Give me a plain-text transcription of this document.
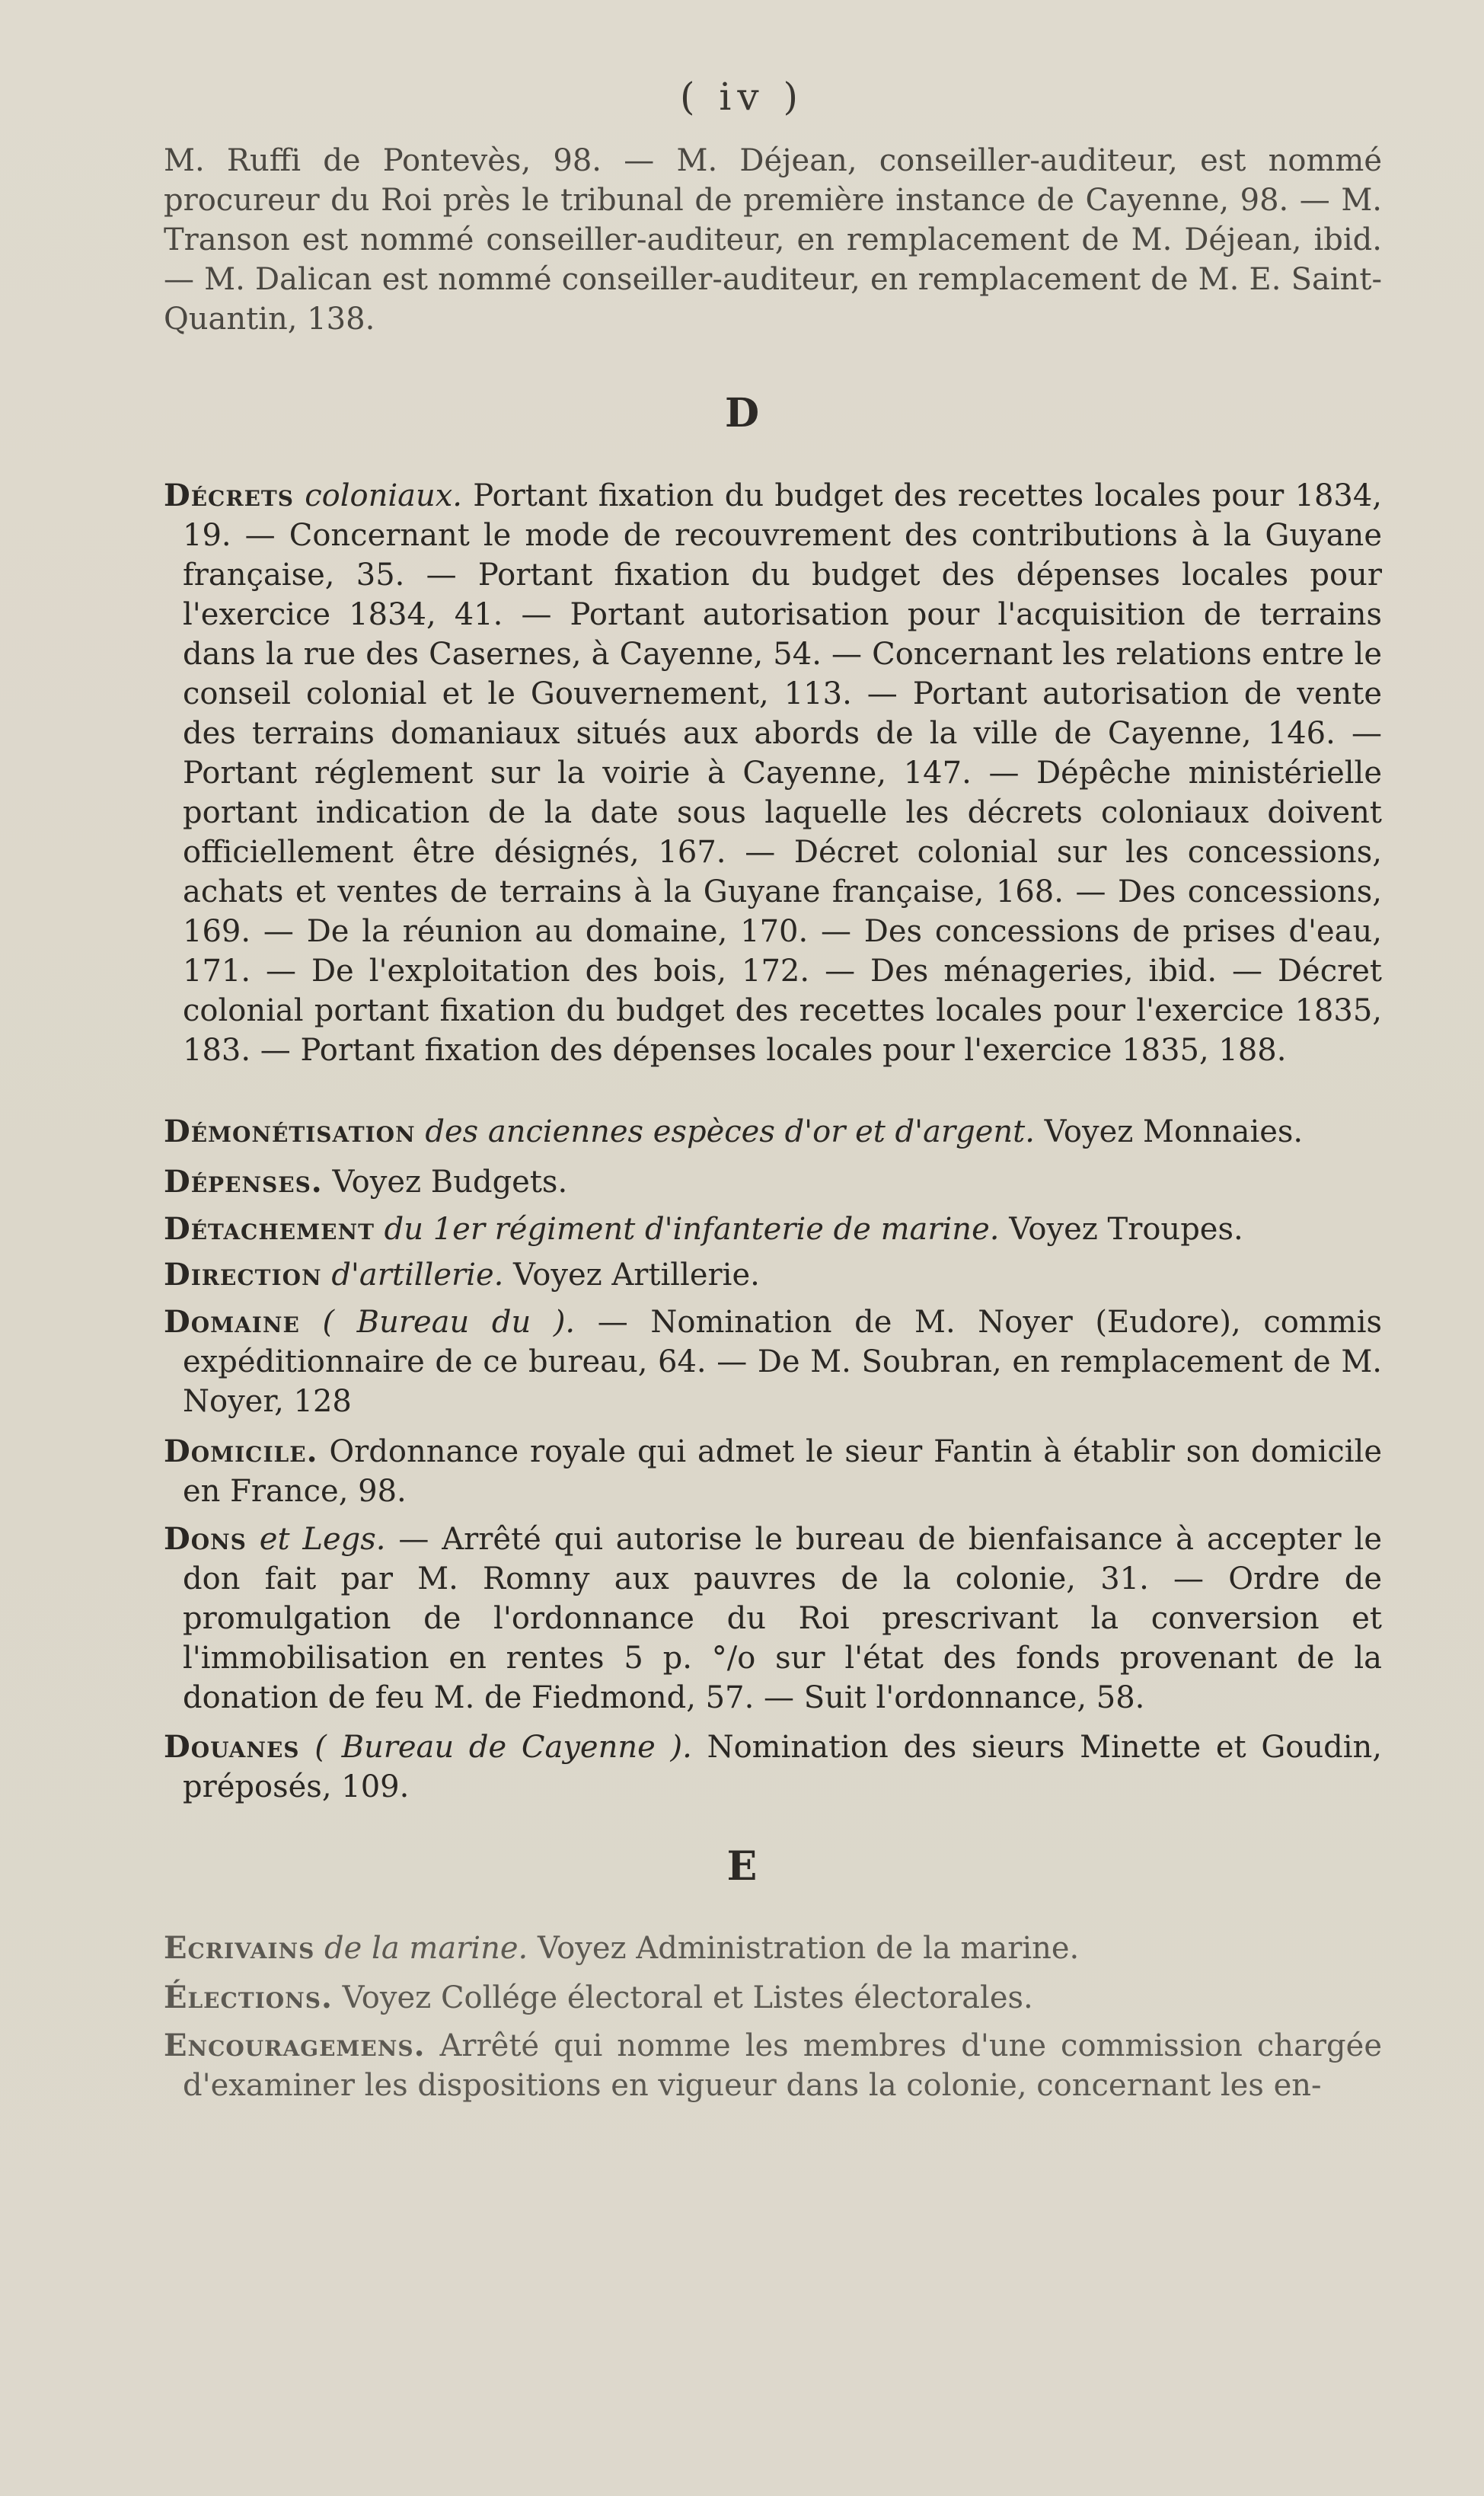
( iv )
M. Ruffi de Pontevès, 98. — M. Déjean, conseiller-auditeur, est nommé procureur du Roi près le tribunal de première instance de Cayenne, 98. — M. Transon est nommé conseiller-auditeur, en remplacement de M. Déjean, ibid. — M. Dalican est nommé conseiller-auditeur, en remplacement de M. E. Saint-Quantin, 138.
D
Décrets coloniaux. Portant fixation du budget des recettes locales pour 1834, 19. — Concernant le mode de recouvrement des contributions à la Guyane française, 35. — Portant fixation du budget des dépenses locales pour l'exercice 1834, 41. — Portant autorisation pour l'acquisition de terrains dans la rue des Casernes, à Cayenne, 54. — Concernant les relations entre le conseil colonial et le Gouvernement, 113. — Portant autorisation de vente des terrains domaniaux situés aux abords de la ville de Cayenne, 146. — Portant réglement sur la voirie à Cayenne, 147. — Dépêche ministérielle portant indication de la date sous laquelle les décrets coloniaux doivent officiellement être désignés, 167. — Décret colonial sur les concessions, achats et ventes de terrains à la Guyane française, 168. — Des concessions, 169. — De la réunion au domaine, 170. — Des concessions de prises d'eau, 171. — De l'exploitation des bois, 172. — Des ménageries, ibid. — Décret colonial portant fixation du budget des recettes locales pour l'exercice 1835, 183. — Portant fixation des dépenses locales pour l'exercice 1835, 188.
Démonétisation des anciennes espèces d'or et d'argent. Voyez Monnaies.
Dépenses. Voyez Budgets.
Détachement du 1er régiment d'infanterie de marine. Voyez Troupes.
Direction d'artillerie. Voyez Artillerie.
Domaine ( Bureau du ). — Nomination de M. Noyer (Eudore), commis expéditionnaire de ce bureau, 64. — De M. Soubran, en remplacement de M. Noyer, 128
Domicile. Ordonnance royale qui admet le sieur Fantin à établir son domicile en France, 98.
Dons et Legs. — Arrêté qui autorise le bureau de bienfaisance à accepter le don fait par M. Romny aux pauvres de la colonie, 31. — Ordre de promulgation de l'ordonnance du Roi prescrivant la conversion et l'immobilisation en rentes 5 p. °/o sur l'état des fonds provenant de la donation de feu M. de Fiedmond, 57. — Suit l'ordonnance, 58.
Douanes ( Bureau de Cayenne ). Nomination des sieurs Minette et Goudin, préposés, 109.
E
Ecrivains de la marine. Voyez Administration de la marine.
Élections. Voyez Collége électoral et Listes électorales.
Encouragemens. Arrêté qui nomme les membres d'une commission chargée d'examiner les dispositions en vigueur dans la colonie, concernant les en-
